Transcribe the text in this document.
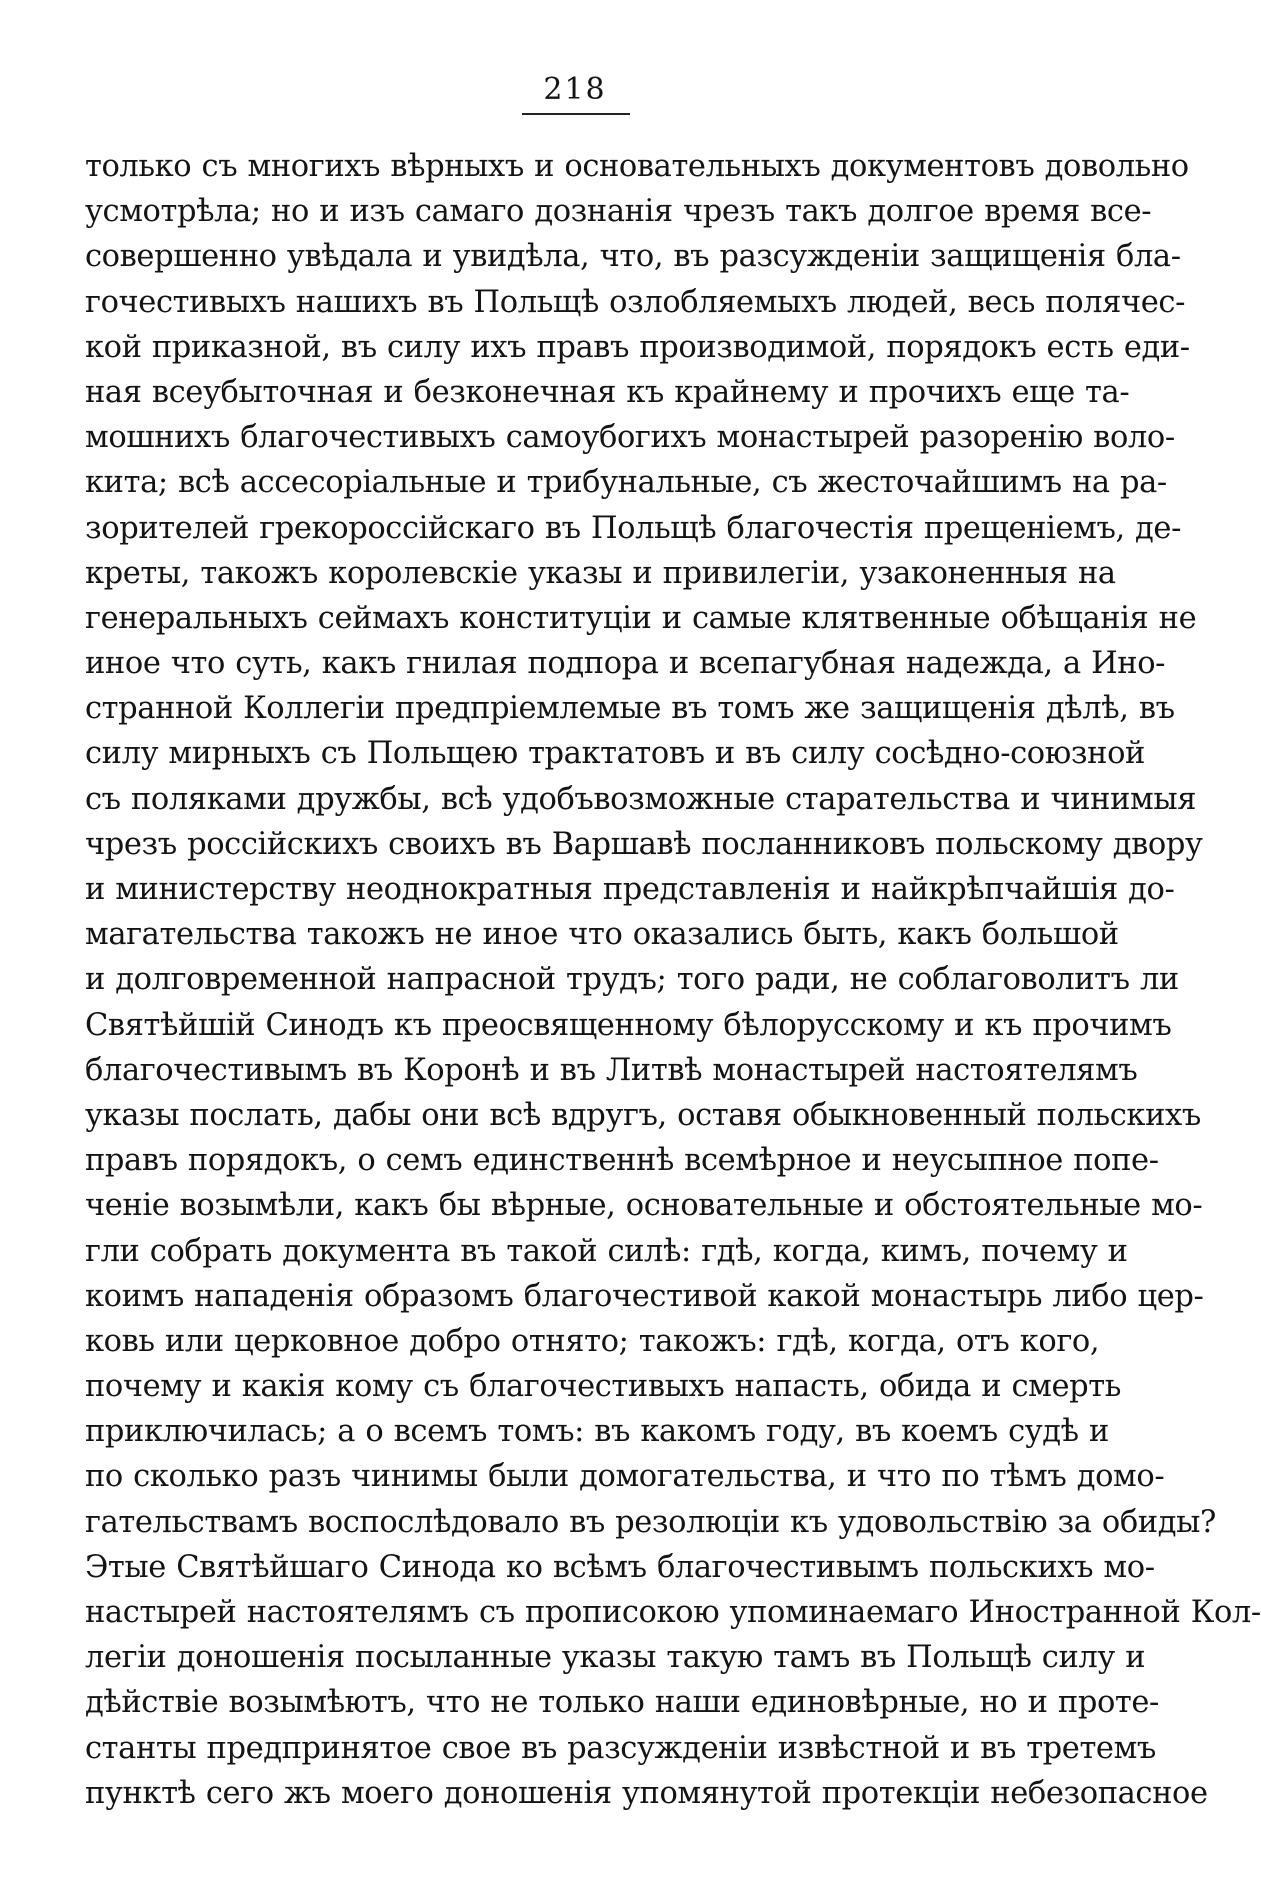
218
только съ многихъ вѣрныхъ и основательныхъ документовъ довольно
усмотрѣла; но и изъ самаго дознанія чрезъ такъ долгое время все-
совершенно увѣдала и увидѣла, что, въ разсужденіи защищенія бла-
гочестивыхъ нашихъ въ Польщѣ озлобляемыхъ людей, весь полячес-
кой приказной, въ силу ихъ правъ производимой, порядокъ есть еди-
ная всеубыточная и безконечная къ крайнему и прочихъ еще та-
мошнихъ благочестивыхъ самоубогихъ монастырей разоренію воло-
кита; всѣ ассесоріальные и трибунальные, съ жесточайшимъ на ра-
зорителей грекороссійскаго въ Польщѣ благочестія прещеніемъ, де-
креты, такожъ королевскіе указы и привилегіи, узаконенныя на
генеральныхъ сеймахъ конституціи и самые клятвенные обѣщанія не
иное что суть, какъ гнилая подпора и всепагубная надежда, а Ино-
странной Коллегіи предпріемлемые въ томъ же защищенія дѣлѣ, въ
силу мирныхъ съ Польщею трактатовъ и въ силу сосѣдно-союзной
съ поляками дружбы, всѣ удобъвозможные старательства и чинимыя
чрезъ россійскихъ своихъ въ Варшавѣ посланниковъ польскому двору
и министерству неоднократныя представленія и найкрѣпчайшія до-
магательства такожъ не иное что оказались быть, какъ большой
и долговременной напрасной трудъ; того ради, не соблаговолитъ ли
Святѣйшій Синодъ къ преосвященному бѣлорусскому и къ прочимъ
благочестивымъ въ Коронѣ и въ Литвѣ монастырей настоятелямъ
указы послать, дабы они всѣ вдругъ, оставя обыкновенный польскихъ
правъ порядокъ, о семъ единственнѣ всемѣрное и неусыпное попе-
ченіе возымѣли, какъ бы вѣрные, основательные и обстоятельные мо-
гли собрать документа въ такой силѣ: гдѣ, когда, кимъ, почему и
коимъ нападенія образомъ благочестивой какой монастырь либо цер-
ковь или церковное добро отнято; такожъ: гдѣ, когда, отъ кого,
почему и какія кому съ благочестивыхъ напасть, обида и смерть
приключилась; а о всемъ томъ: въ какомъ году, въ коемъ судѣ и
по сколько разъ чинимы были домогательства, и что по тѣмъ домо-
гательствамъ воспослѣдовало въ резолюціи къ удовольствію за обиды?
Этые Святѣйшаго Синода ко всѣмъ благочестивымъ польскихъ мо-
настырей настоятелямъ съ прописокою упоминаемаго Иностранной Кол-
легіи доношенія посыланные указы такую тамъ въ Польщѣ силу и
дѣйствіе возымѣютъ, что не только наши единовѣрные, но и проте-
станты предпринятое свое въ разсужденіи извѣстной и въ третемъ
пунктѣ сего жъ моего доношенія упомянутой протекціи небезопасное
